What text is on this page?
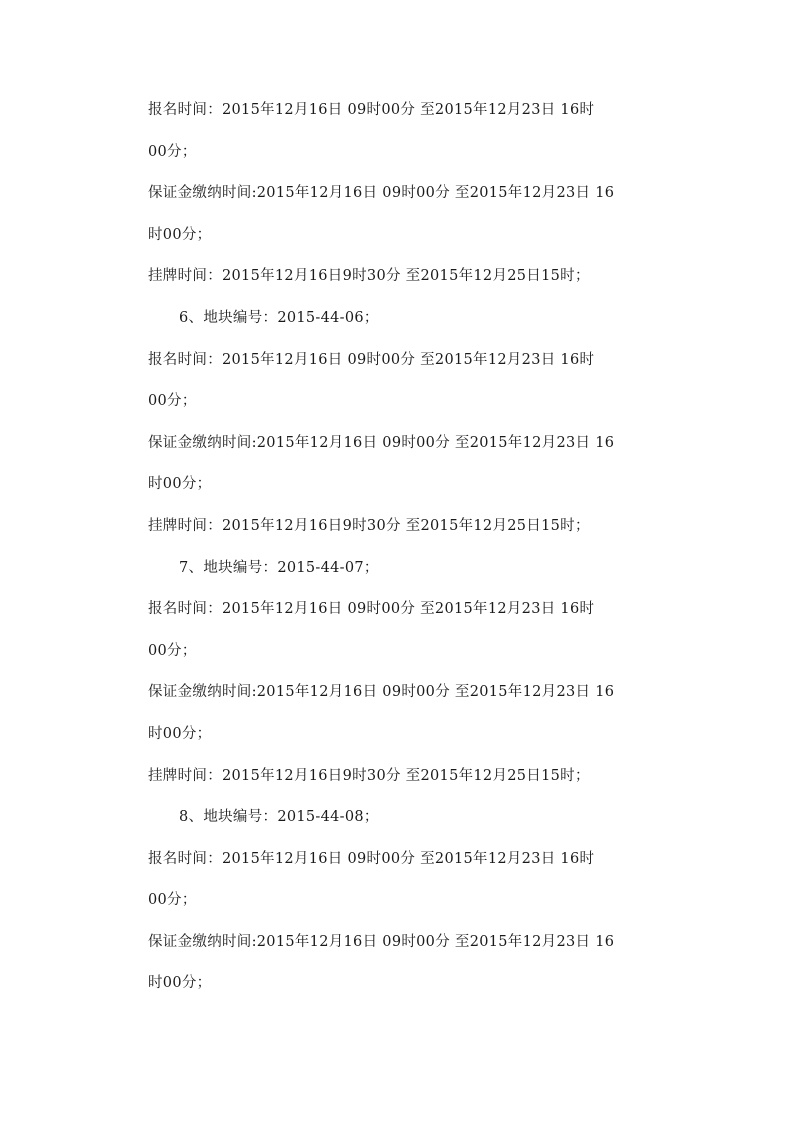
报名时间：2015年12月16日 09时00分 至2015年12月23日 16时

00分；

保证金缴纳时间:2015年12月16日 09时00分 至2015年12月23日 16

时00分；

挂牌时间：2015年12月16日9时30分 至2015年12月25日15时；

6、地块编号：2015-44-06；

报名时间：2015年12月16日 09时00分 至2015年12月23日 16时

00分；

保证金缴纳时间:2015年12月16日 09时00分 至2015年12月23日 16

时00分；

挂牌时间：2015年12月16日9时30分 至2015年12月25日15时；

7、地块编号：2015-44-07；

报名时间：2015年12月16日 09时00分 至2015年12月23日 16时

00分；

保证金缴纳时间:2015年12月16日 09时00分 至2015年12月23日 16

时00分；

挂牌时间：2015年12月16日9时30分 至2015年12月25日15时；

8、地块编号：2015-44-08；

报名时间：2015年12月16日 09时00分 至2015年12月23日 16时

00分；

保证金缴纳时间:2015年12月16日 09时00分 至2015年12月23日 16

时00分；
